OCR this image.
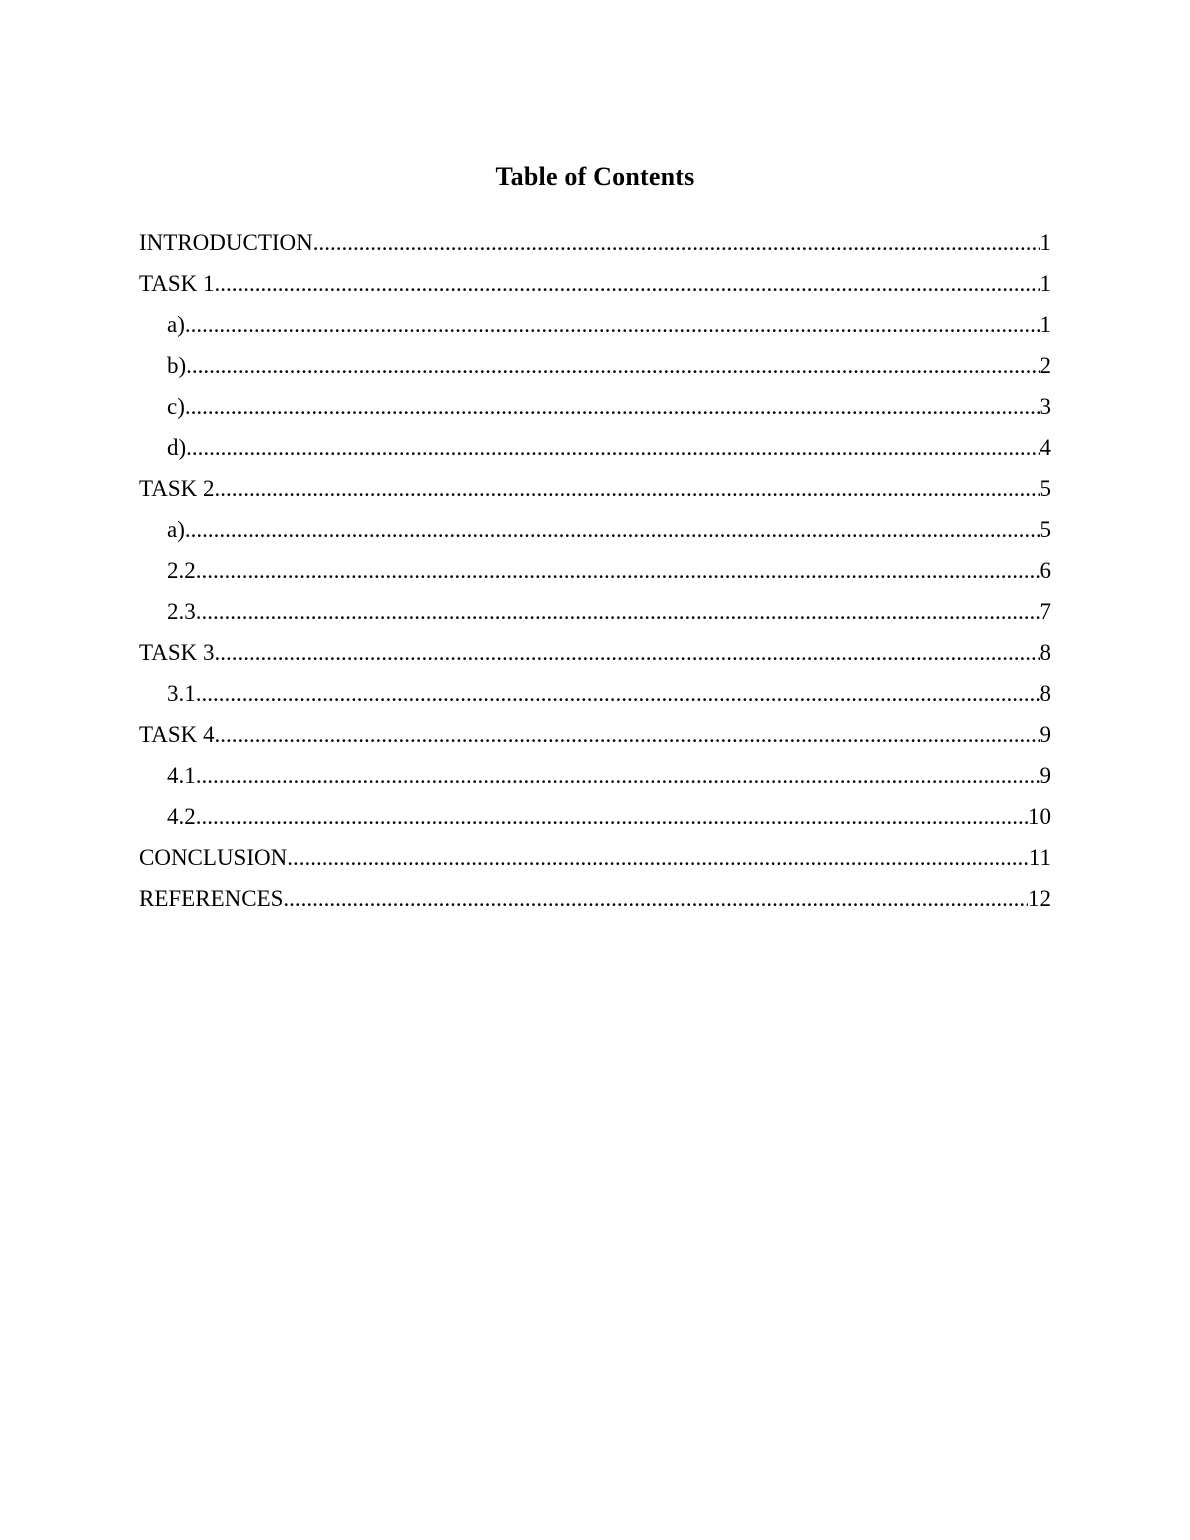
Table of Contents
INTRODUCTION .....	1
TASK 1 .....	1
a) .....	1
b) .....	2
c) .....	3
d) .....	4
TASK 2 .....	5
a) .....	5
2.2 .....	6
2.3 .....	7
TASK 3 .....	8
3.1 .....	8
TASK 4 .....	9
4.1 .....	9
4.2 .....	10
CONCLUSION .....	11
REFERENCES .....	12
